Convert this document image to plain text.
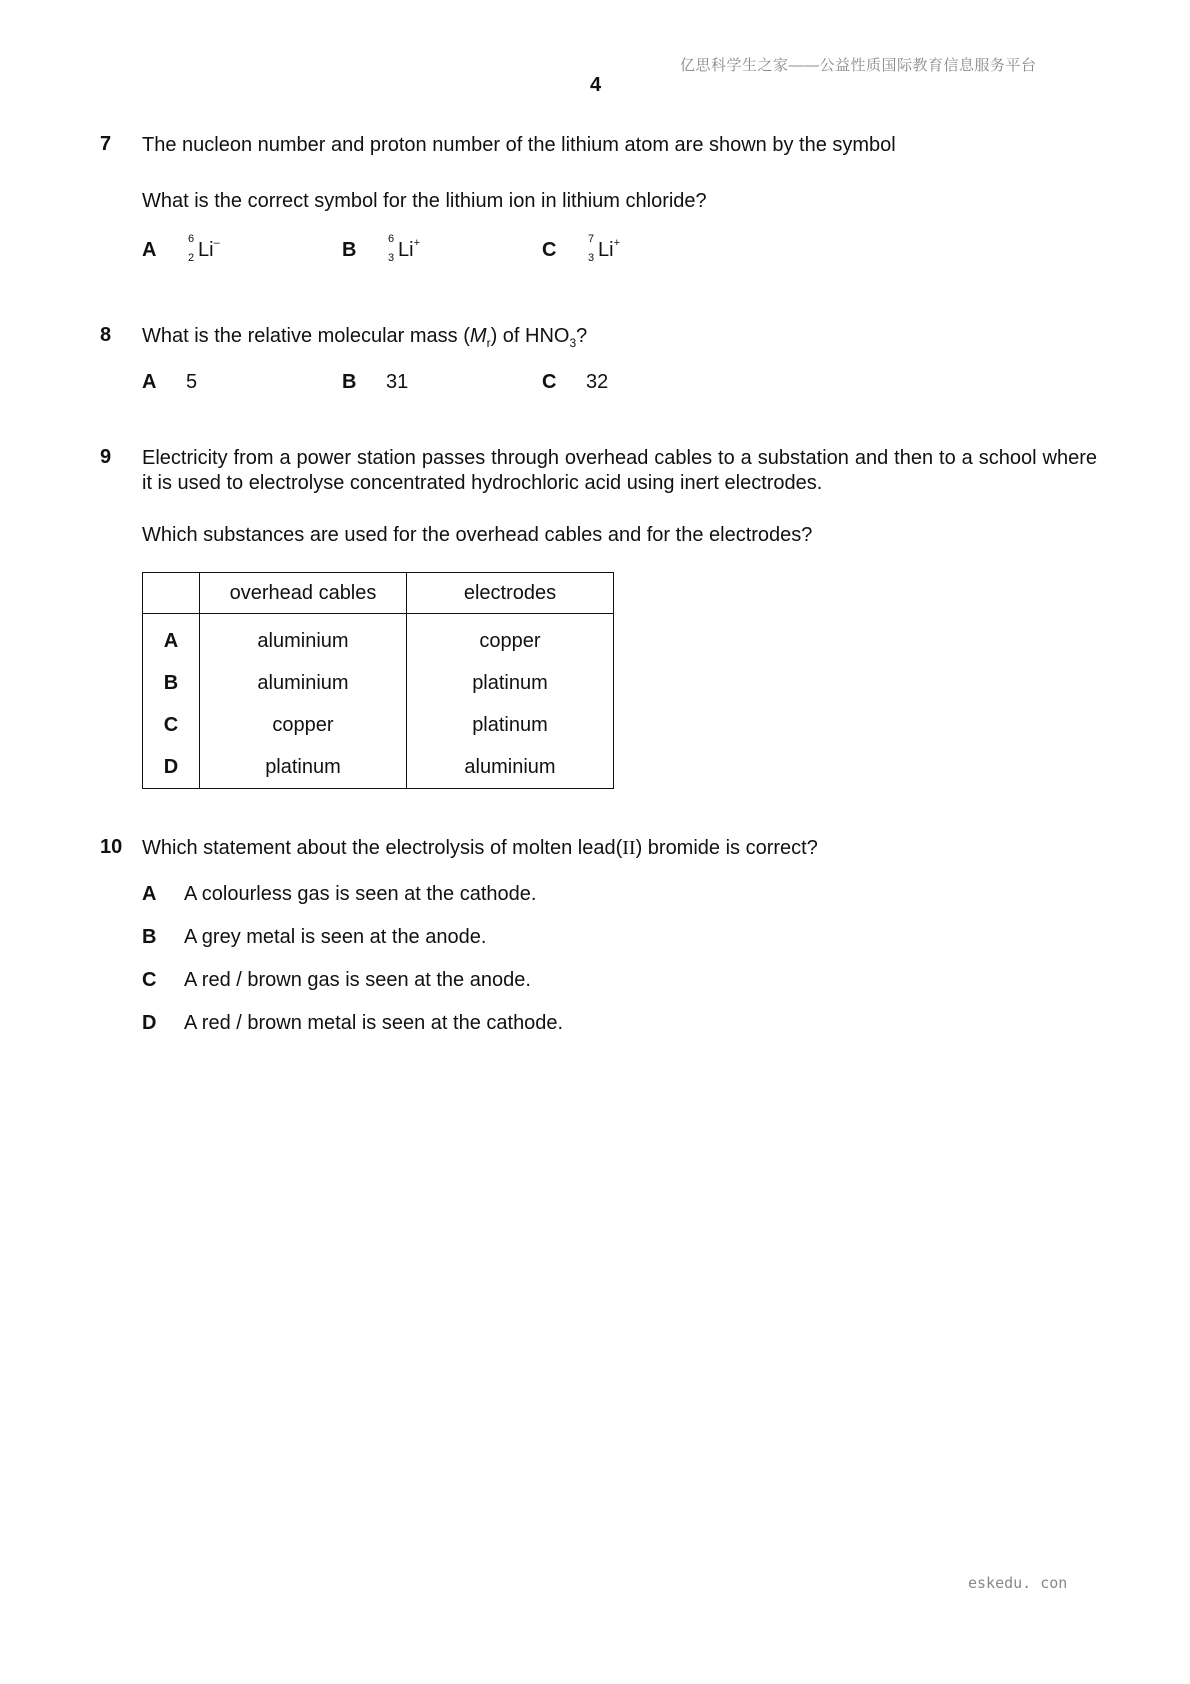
亿思科学生之家——公益性质国际教育信息服务平台
4
7 The nucleon number and proton number of the lithium atom are shown by the symbol
What is the correct symbol for the lithium ion in lithium chloride?
A	6
2 Li–	B	6
3 Li+	C	7
3 Li+
8 What is the relative molecular mass $(M_r)$ of $HNO_3$?
A 5	B 31	C 32
9 Electricity from a power station passes through overhead cables to a substation and then to a school where it is used to electrolyse concentrated hydrochloric acid using inert electrodes.
Which substances are used for the overhead cables and for the electrodes?
	overhead cables	electrodes
A	aluminium	copper
B	aluminium	platinum
C	copper	platinum
D	platinum	aluminium
10 Which statement about the electrolysis of molten lead(II) bromide is correct?
A A colourless gas is seen at the cathode.
B A grey metal is seen at the anode.
C A red / brown gas is seen at the anode.
D A red / brown metal is seen at the cathode.
eskedu. con
